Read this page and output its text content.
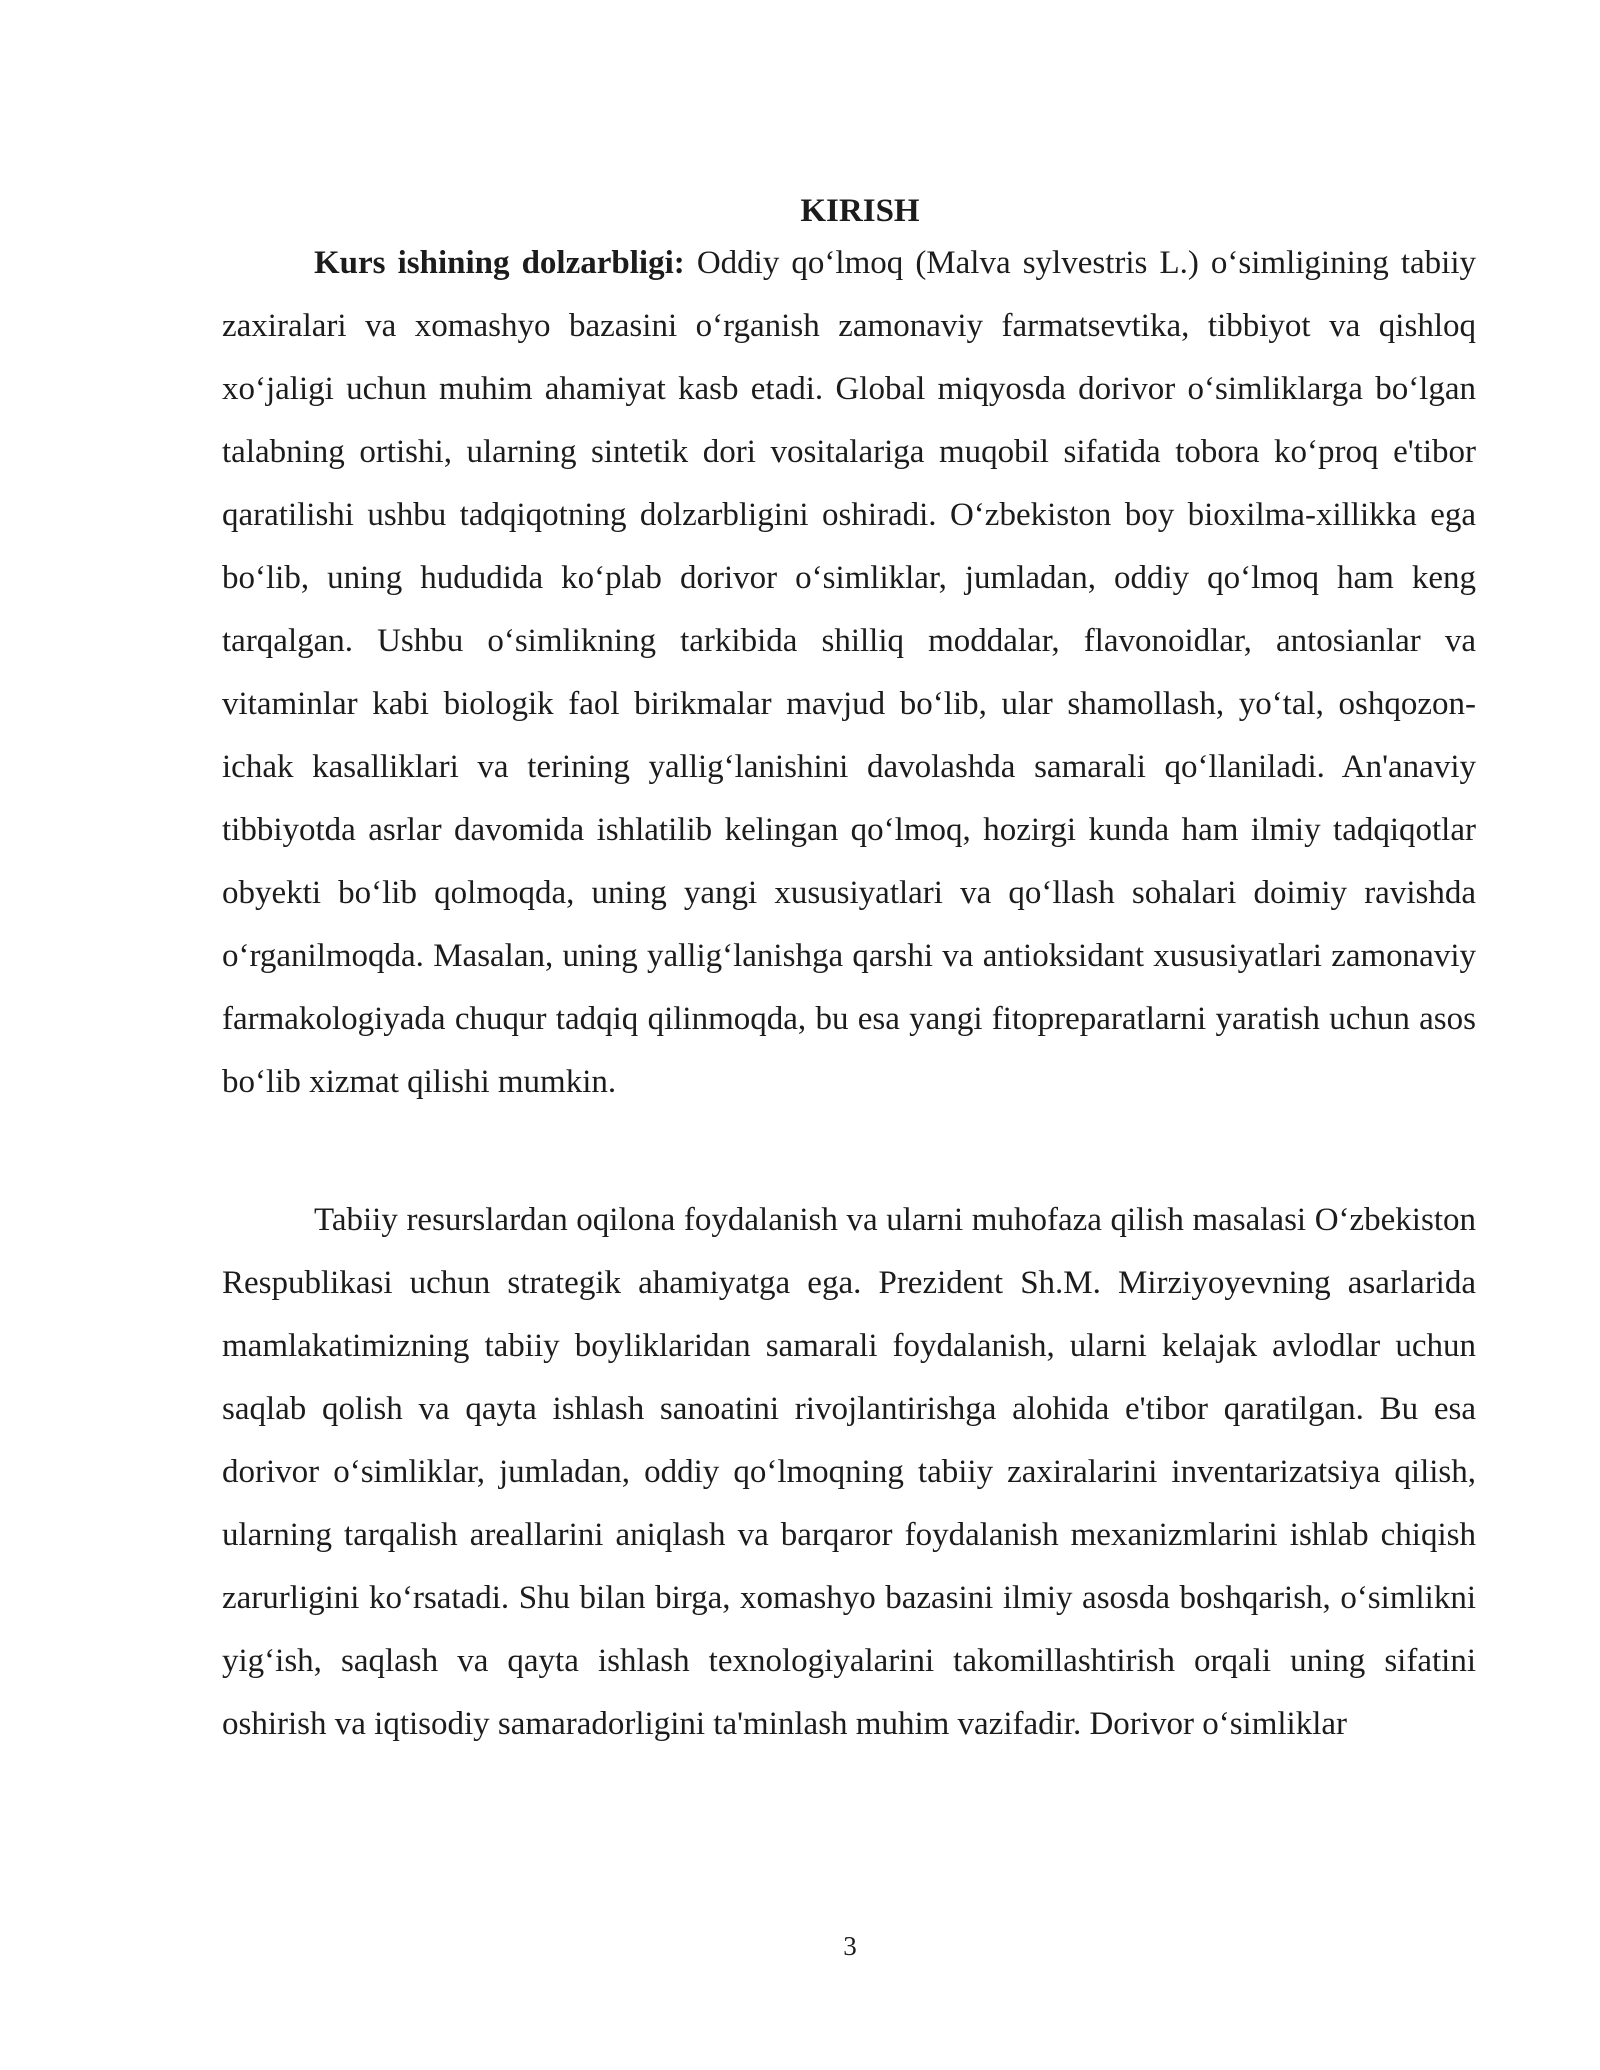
KIRISH

Kurs ishining dolzarbligi: Oddiy qo‘lmoq (Malva sylvestris L.) o‘simligining tabiiy zaxiralari va xomashyo bazasini o‘rganish zamonaviy farmatsevtika, tibbiyot va qishloq xo‘jaligi uchun muhim ahamiyat kasb etadi. Global miqyosda dorivor o‘simliklarga bo‘lgan talabning ortishi, ularning sintetik dori vositalariga muqobil sifatida tobora ko‘proq e'tibor qaratilishi ushbu tadqiqotning dolzarbligini oshiradi. O‘zbekiston boy bioxilma-xillikka ega bo‘lib, uning hududida ko‘plab dorivor o‘simliklar, jumladan, oddiy qo‘lmoq ham keng tarqalgan. Ushbu o‘simlikning tarkibida shilliq moddalar, flavonoidlar, antosianlar va vitaminlar kabi biologik faol birikmalar mavjud bo‘lib, ular shamollash, yo‘tal, oshqozon-ichak kasalliklari va terining yallig‘lanishini davolashda samarali qo‘llaniladi. An'anaviy tibbiyotda asrlar davomida ishlatilib kelingan qo‘lmoq, hozirgi kunda ham ilmiy tadqiqotlar obyekti bo‘lib qolmoqda, uning yangi xususiyatlari va qo‘llash sohalari doimiy ravishda o‘rganilmoqda. Masalan, uning yallig‘lanishga qarshi va antioksidant xususiyatlari zamonaviy farmakologiyada chuqur tadqiq qilinmoqda, bu esa yangi fitopreparatlarni yaratish uchun asos bo‘lib xizmat qilishi mumkin.

Tabiiy resurslardan oqilona foydalanish va ularni muhofaza qilish masalasi O‘zbekiston Respublikasi uchun strategik ahamiyatga ega. Prezident Sh.M. Mirziyoyevning asarlarida mamlakatimizning tabiiy boyliklaridan samarali foydalanish, ularni kelajak avlodlar uchun saqlab qolish va qayta ishlash sanoatini rivojlantirishga alohida e'tibor qaratilgan. Bu esa dorivor o‘simliklar, jumladan, oddiy qo‘lmoqning tabiiy zaxiralarini inventarizatsiya qilish, ularning tarqalish areallarini aniqlash va barqaror foydalanish mexanizmlarini ishlab chiqish zarurligini ko‘rsatadi. Shu bilan birga, xomashyo bazasini ilmiy asosda boshqarish, o‘simlikni yig‘ish, saqlash va qayta ishlash texnologiyalarini takomillashtirish orqali uning sifatini oshirish va iqtisodiy samaradorligini ta'minlash muhim vazifadir. Dorivor o‘simliklar

3
